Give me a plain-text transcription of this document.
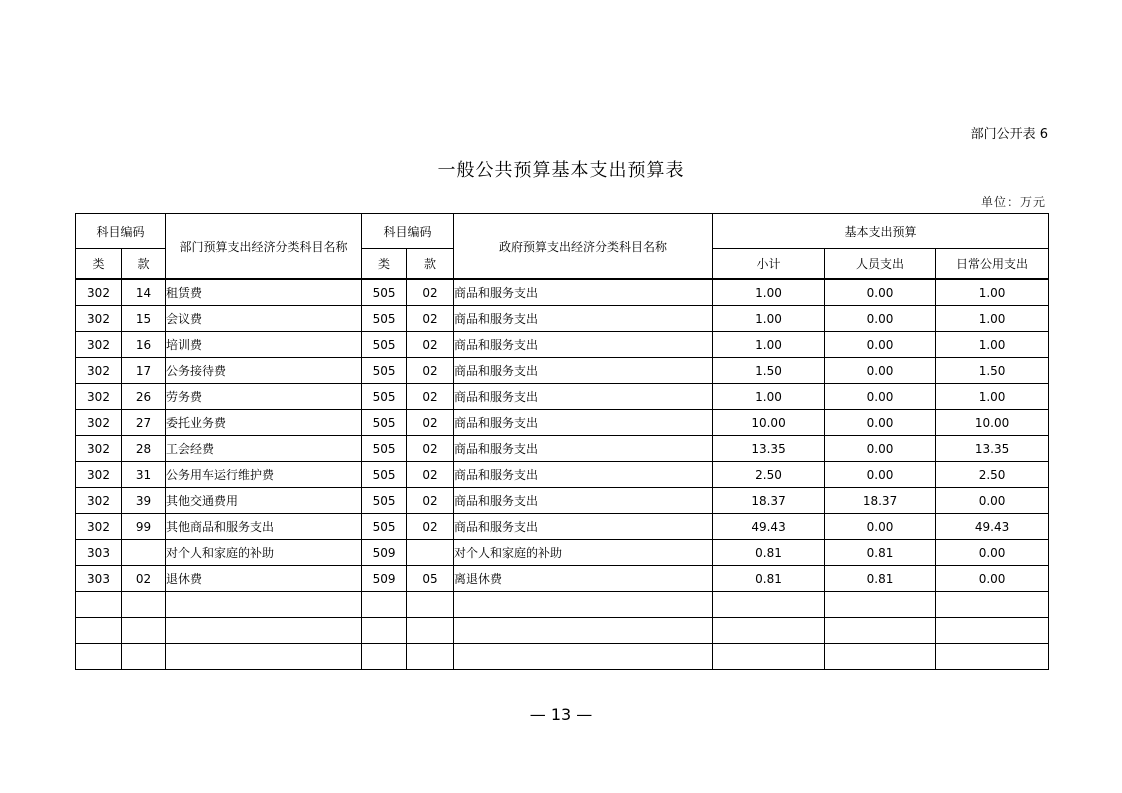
部门公开表 6
一般公共预算基本支出预算表
单位：万元
科目编码		部门预算支出经济分类科目名称	科目编码		政府预算支出经济分类科目名称	基本支出预算		
类	款		类	款		小计	人员支出	日常公用支出
302	14	租赁费	505	02	商品和服务支出	1.00	0.00	1.00
302	15	会议费	505	02	商品和服务支出	1.00	0.00	1.00
302	16	培训费	505	02	商品和服务支出	1.00	0.00	1.00
302	17	公务接待费	505	02	商品和服务支出	1.50	0.00	1.50
302	26	劳务费	505	02	商品和服务支出	1.00	0.00	1.00
302	27	委托业务费	505	02	商品和服务支出	10.00	0.00	10.00
302	28	工会经费	505	02	商品和服务支出	13.35	0.00	13.35
302	31	公务用车运行维护费	505	02	商品和服务支出	2.50	0.00	2.50
302	39	其他交通费用	505	02	商品和服务支出	18.37	18.37	0.00
302	99	其他商品和服务支出	505	02	商品和服务支出	49.43	0.00	49.43
303		对个人和家庭的补助	509		对个人和家庭的补助	0.81	0.81	0.00
303	02	退休费	509	05	离退休费	0.81	0.81	0.00

— 13 —
